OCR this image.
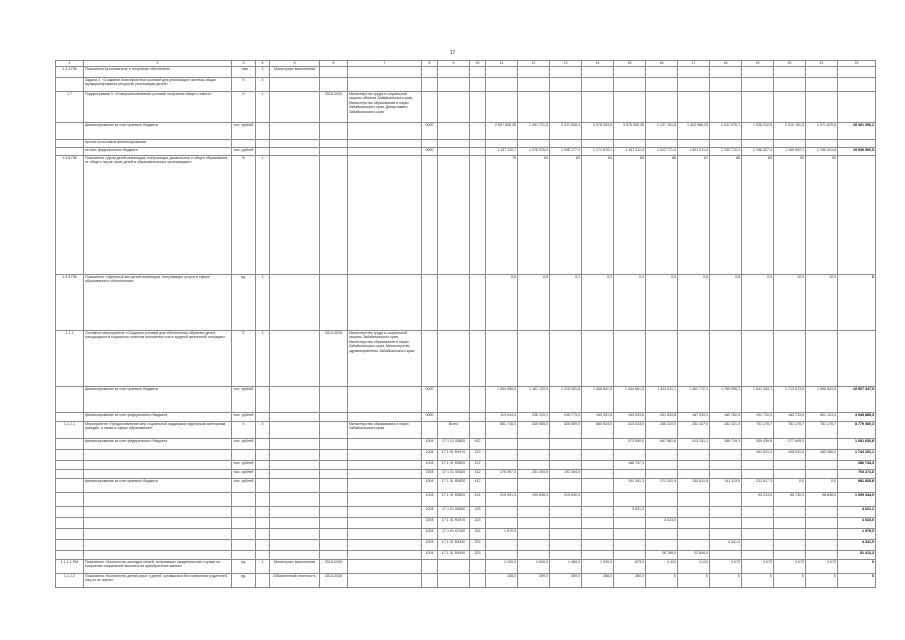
17
1	2	3	4	5	6	7	8	9	10	11	12	13	14	15	16	17	18	19	20	21	22
1.4.4.ПМ	Показатель1а показатель в получения обеспечено	...ные	1	Мониторинг выполнения																	
	Задача 3. «Создание благоприятных условий для реализации системы общих функционирования ресурсов, реализации детей»	Х	Х																		
1.7	Подпрограмма 3. «Совершенствование условий получения общего нового»	Х	1		2015-2026	Министерство труда и социальной защиты области Забайкальского края, Министерство образования и науки Забайкальского края, Департамент Забайкальского края															
	финансирование за счет краевого бюджета	тыс. рублей					0000			2 607 655,30	1 491 721,0	2 011 508,4	3 578 353,6	3 575 555,30	1 137 151,6	1 402 966,20	1 241 976,1	1 936 210,6	2 512 781,0	2 971 629,6	25 491 096,2
	прочих источников финансирования																				
	за счет федерального бюджета	тыс. рублей					0000			1 157 115,7	1 076 976,0	1 296 177,2	1 171 878,1	1 167 411,4	1 512 771,0	1 601 911,2	1 152 710,3	1 196 427,4	1 169 902,1	1 190 424,8	19 930 506,5
1.9.8.ПМ	Показатель «Доля детей-инвалидов, получающих дошкольное и общее образование, от общего числа таких детей в образовательных организациях»	%	1							75	80	82	84	85	86	87	88	89	90	90	
1.9.9.ПМ	Показатель «Удельный вес детей-инвалидов, получающих услуги в сфере образования и обеспечения»	ед.	1							5,6	8,8	9,1	9,3	9,4	9,5	9,6	9,8	9,9	10,0	10,0	Х
1.1.1	Основное мероприятие «Создание условий для обеспечения обучения детей, находящихся в социально опасном положении или в трудной жизненной ситуации»	Х	1		2014-2026	Министерство труда и социальной защиты Забайкальского края, Министерство образования и науки Забайкальского края, Министерство здравоохранения Забайкальского края															
	финансирование за счет краевого бюджета	тыс. рублей					0000			1 954 956,0	1 161 129,9	1 210 281,6	1 356 847,6	1 444 661,0	1 524 911,1	1 461 772,1	1 760 096,2	1 641 443,1	1 713 673,6	1 966 833,8	15 907 347,9
	финансирование за счет федерального бюджета	тыс. рублей					0000			113 044,4	238 129,1	246 773,2	163 391,0	163 533,6	261 633,8	187 033,3	189 762,3	191 715,3	183 733,4	601 124,4	4 945 885,3
1.1.1.1	Мероприятие «Предоставление мер социальной поддержки отдельным категориям граждан, а также в сфере образования»	Х	Х			Министерство образования и науки Забайкальского края		Всего		651 718,3	345 985,0	528 559,0	680 534,0	313 543,0	266 310,0	251 427,0	181 321,4	751 178,7	781 178,7	781 178,7	8 779 360,3
	финансирование за счет федерального бюджета	тыс. рублей					1004	17 1 01 53800	612					373 500,0	647 961,6	413 151,1	185 719,3	309 439,8	277 949,0		1 081 630,8
							1004	17 1 01 R4970	313									361 501,4	448 031,6	465 356,0	1 744 191,1
		тыс. рублей					1004	17 1 01 R0820	412					186 747,3							286 743,3
		тыс. рублей					1004	17 1 01 50820	412	176 097,3	251 493,5	192 364,0									703 274,6
	финансирование за счет краевого бюджета	тыс. рублей					1004	17 1 01 R0820	412					191 391,3	171 201,9	130 611,5	141 113,5	211 517,3	0,0	0,0	981 835,8
							1004	17 1 01 R0820	414	215 901,3	195 698,9	215 690,0						93 214,5	85 735,3	98 698,5	1 009 344,9
							1004	17 1 01 54800	323					3 621,2							3 621,2
							1004	17 1 01 R4970	323						4 023,0						4 023,0
							1004	17 1 01 67430	321	1 579,0											1 579,0
							1004	17 1 01 R4930	323								4 341,0				4 341,0
							1004	17 1 01 R4930	323						28 769,0	22 644,0					51 413,3
1.1.1.1.ПМ	Показатель «Количество молодых семей, получивших свидетельства о праве на получение социальной выплаты на приобретение жилья»	ед.	1	Мониторинг выполнения	2015-2026					1 100,0	2 600,0	1 489,0	1 930,0	873,0	4 433	4 133	4 073	4 073	4 073	4 073	Х
1.1.1.2	Показатель «Количество детей-сирот и детей, оставшихся без попечения родителей, лиц из их числа»	ед.		Объявленный отчетность	2014-2026					165,0	309,0	459,0	366,0	360,0	Х	Х	Х	Х	Х	Х	Х
